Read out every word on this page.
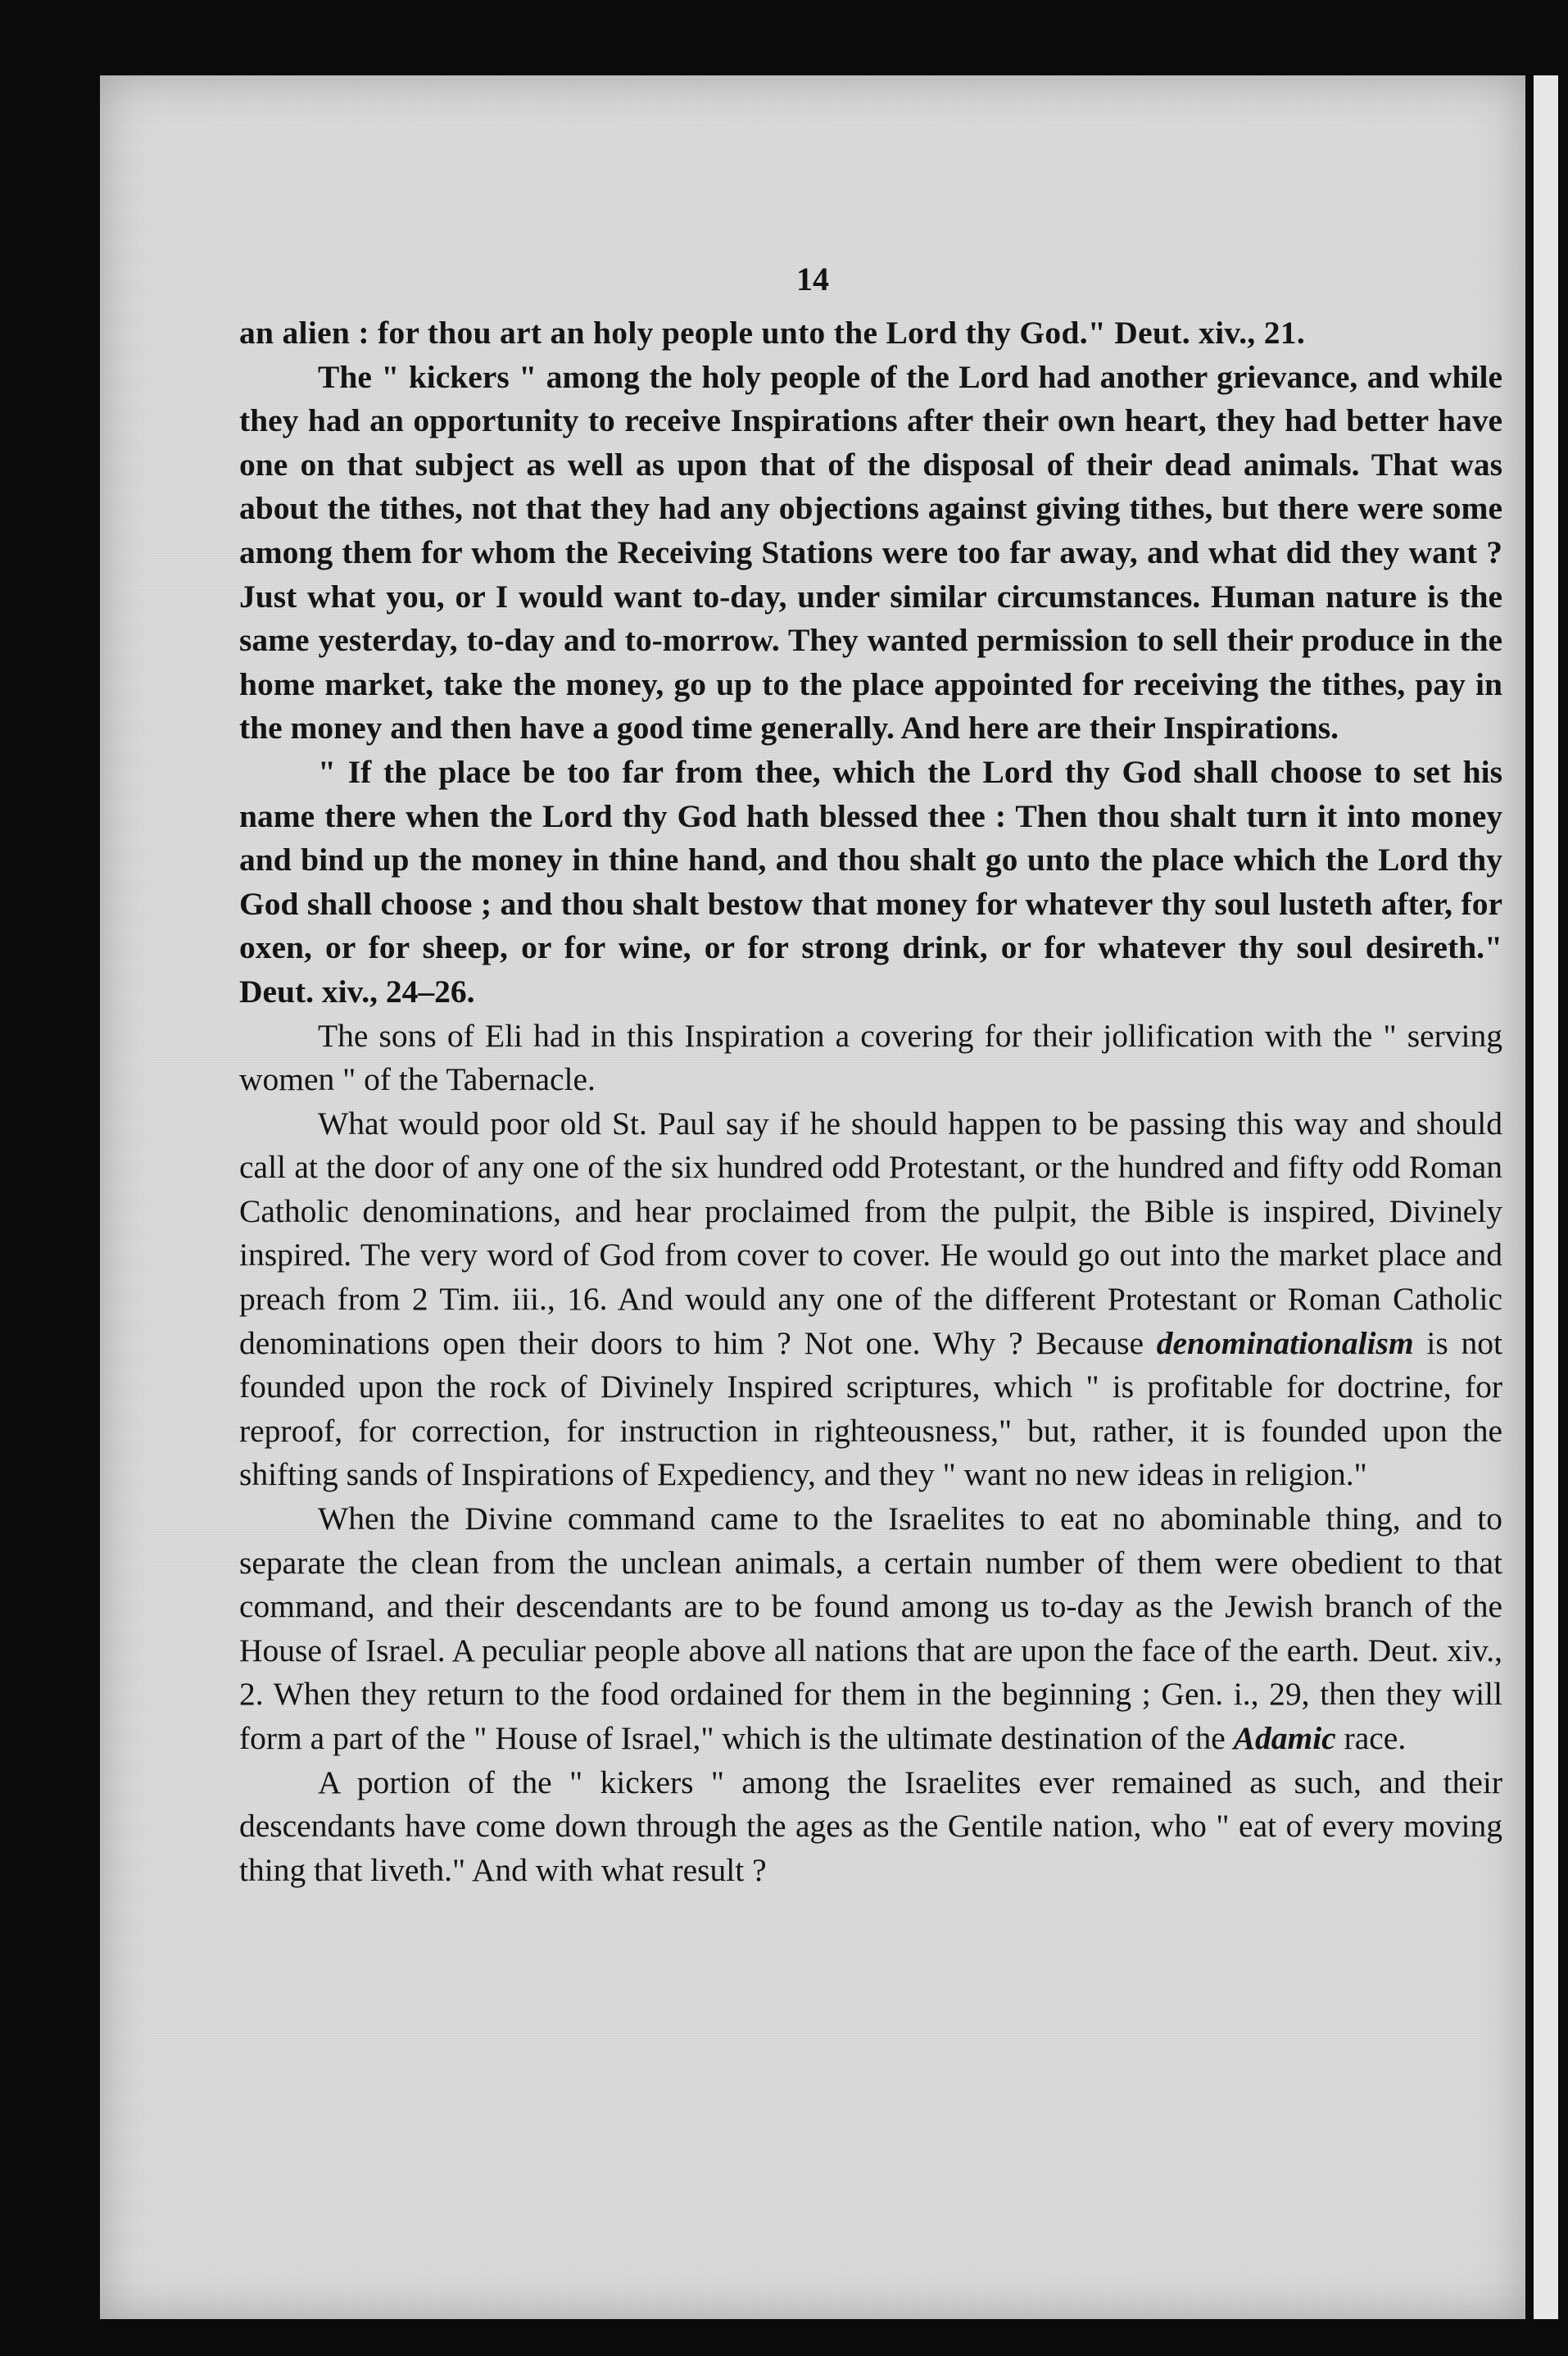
14

an alien : for thou art an holy people unto the Lord thy God." Deut. xiv., 21.

The " kickers " among the holy people of the Lord had another grievance, and while they had an opportunity to receive Inspirations after their own heart, they had better have one on that subject as well as upon that of the disposal of their dead animals. That was about the tithes, not that they had any objections against giving tithes, but there were some among them for whom the Receiving Stations were too far away, and what did they want ? Just what you, or I would want to-day, under similar circumstances. Human nature is the same yesterday, to-day and to-morrow. They wanted permission to sell their produce in the home market, take the money, go up to the place appointed for receiving the tithes, pay in the money and then have a good time generally. And here are their Inspirations.

" If the place be too far from thee, which the Lord thy God shall choose to set his name there when the Lord thy God hath blessed thee : Then thou shalt turn it into money and bind up the money in thine hand, and thou shalt go unto the place which the Lord thy God shall choose ; and thou shalt bestow that money for whatever thy soul lusteth after, for oxen, or for sheep, or for wine, or for strong drink, or for whatever thy soul desireth." Deut. xiv., 24–26.

The sons of Eli had in this Inspiration a covering for their jollification with the " serving women " of the Tabernacle.

What would poor old St. Paul say if he should happen to be passing this way and should call at the door of any one of the six hundred odd Protestant, or the hundred and fifty odd Roman Catholic denominations, and hear proclaimed from the pulpit, the Bible is inspired, Divinely inspired. The very word of God from cover to cover. He would go out into the market place and preach from 2 Tim. iii., 16. And would any one of the different Protestant or Roman Catholic denominations open their doors to him ? Not one. Why ? Because denominationalism is not founded upon the rock of Divinely Inspired scriptures, which " is profitable for doctrine, for reproof, for correction, for instruction in righteousness," but, rather, it is founded upon the shifting sands of Inspirations of Expediency, and they " want no new ideas in religion."

When the Divine command came to the Israelites to eat no abominable thing, and to separate the clean from the unclean animals, a certain number of them were obedient to that command, and their descendants are to be found among us to-day as the Jewish branch of the House of Israel. A peculiar people above all nations that are upon the face of the earth. Deut. xiv., 2. When they return to the food ordained for them in the beginning ; Gen. i., 29, then they will form a part of the " House of Israel," which is the ultimate destination of the Adamic race.

A portion of the " kickers " among the Israelites ever remained as such, and their descendants have come down through the ages as the Gentile nation, who " eat of every moving thing that liveth." And with what result ?
